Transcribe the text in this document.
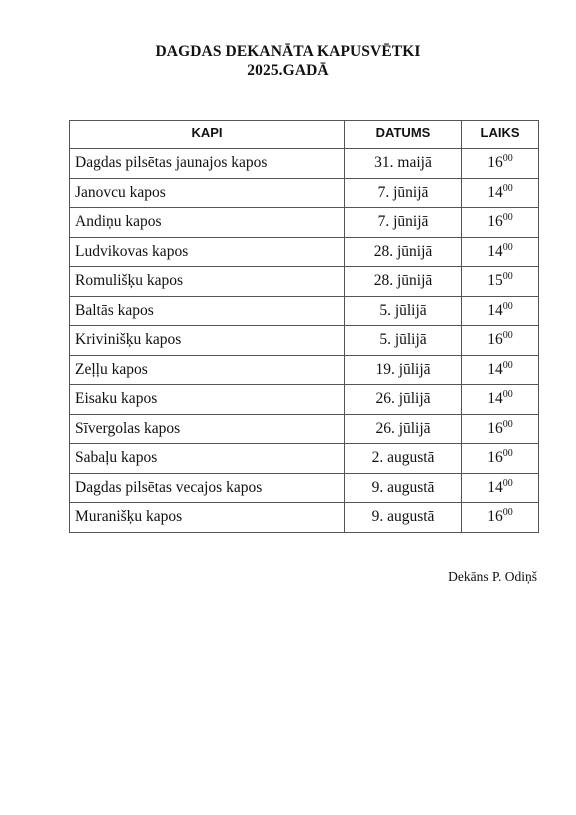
DAGDAS DEKANĀTA KAPUSVĒTKI
2025.GADĀ
KAPI	DATUMS	LAIKS
Dagdas pilsētas jaunajos kapos	31. maijā	$16^{00}$
Janovcu kapos	7. jūnijā	$14^{00}$
Andiņu kapos	7. jūnijā	$16^{00}$
Ludvikovas kapos	28. jūnijā	$14^{00}$
Romulišķu kapos	28. jūnijā	$15^{00}$
Baltās kapos	5. jūlijā	$14^{00}$
Krivinišķu kapos	5. jūlijā	$16^{00}$
Zeļļu kapos	19. jūlijā	$14^{00}$
Eisaku kapos	26. jūlijā	$14^{00}$
Sīvergolas kapos	26. jūlijā	$16^{00}$
Sabaļu kapos	2. augustā	$16^{00}$
Dagdas pilsētas vecajos kapos	9. augustā	$14^{00}$
Muranišķu kapos	9. augustā	$16^{00}$
Dekāns P. Odiņš
